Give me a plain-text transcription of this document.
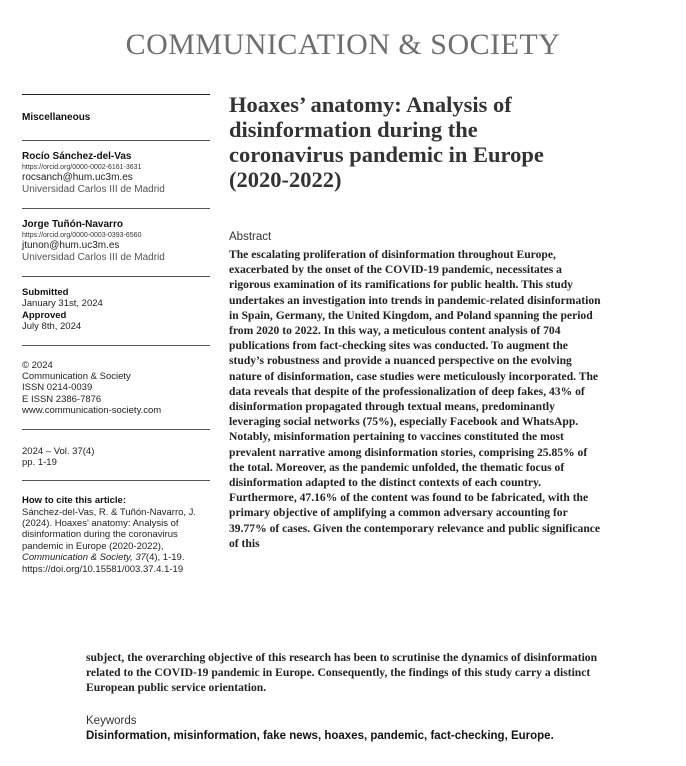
COMMUNICATION & SOCIETY
Miscellaneous
Rocío Sánchez-del-Vas
https://orcid.org/0000-0002-6161-3631
rocsanch@hum.uc3m.es
Universidad Carlos III de Madrid
Jorge Tuñón-Navarro
https://orcid.org/0000-0003-0393-6560
jtunon@hum.uc3m.es
Universidad Carlos III de Madrid
Submitted
January 31st, 2024
Approved
July 8th, 2024
© 2024
Communication & Society
ISSN 0214-0039
E ISSN 2386-7876
www.communication-society.com
2024 – Vol. 37(4)
pp. 1-19
How to cite this article:
Sánchez-del-Vas, R. & Tuñón-Navarro, J. (2024). Hoaxes' anatomy: Analysis of disinformation during the coronavirus pandemic in Europe (2020-2022), Communication & Society, 37(4), 1-19. https://doi.org/10.15581/003.37.4.1-19
Hoaxes’ anatomy: Analysis of disinformation during the coronavirus pandemic in Europe (2020-2022)
Abstract
The escalating proliferation of disinformation throughout Europe, exacerbated by the onset of the COVID-19 pandemic, necessitates a rigorous examination of its ramifications for public health. This study undertakes an investigation into trends in pandemic-related disinformation in Spain, Germany, the United Kingdom, and Poland spanning the period from 2020 to 2022. In this way, a meticulous content analysis of 704 publications from fact-checking sites was conducted. To augment the study’s robustness and provide a nuanced perspective on the evolving nature of disinformation, case studies were meticulously incorporated. The data reveals that despite of the professionalization of deep fakes, 43% of disinformation propagated through textual means, predominantly leveraging social networks (75%), especially Facebook and WhatsApp. Notably, misinformation pertaining to vaccines constituted the most prevalent narrative among disinformation stories, comprising 25.85% of the total. Moreover, as the pandemic unfolded, the thematic focus of disinformation adapted to the distinct contexts of each country. Furthermore, 47.16% of the content was found to be fabricated, with the primary objective of amplifying a common adversary accounting for 39.77% of cases. Given the contemporary relevance and public significance of this
subject, the overarching objective of this research has been to scrutinise the dynamics of disinformation related to the COVID-19 pandemic in Europe. Consequently, the findings of this study carry a distinct European public service orientation.
Keywords
Disinformation, misinformation, fake news, hoaxes, pandemic, fact-checking, Europe.
